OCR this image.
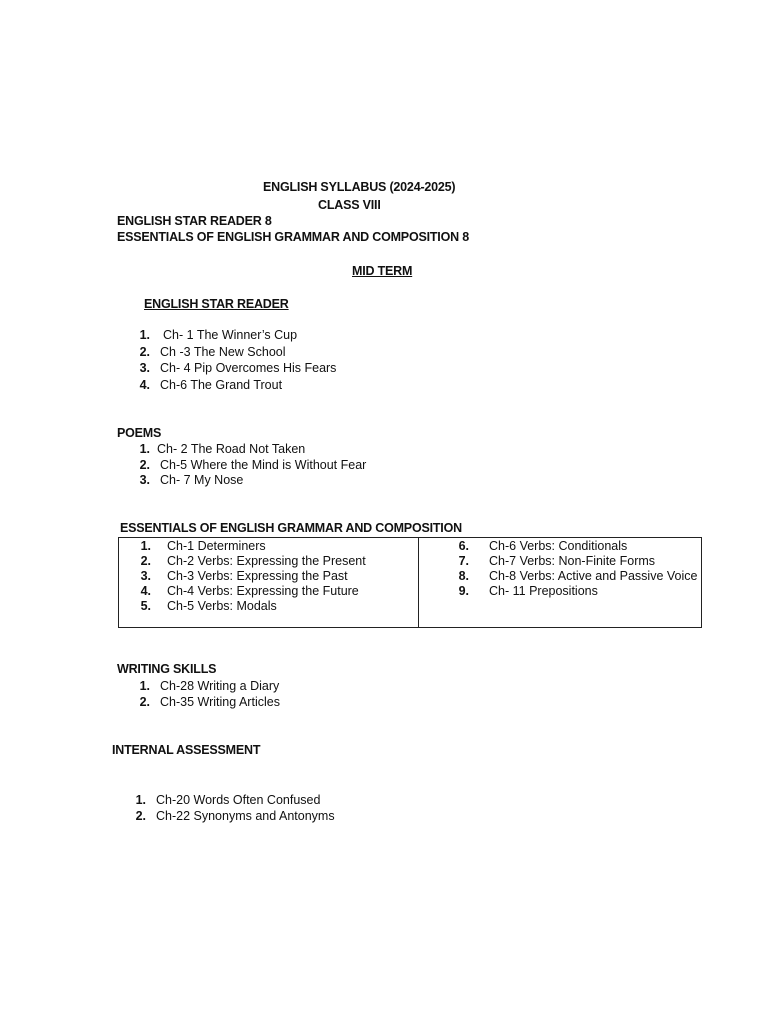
ENGLISH SYLLABUS (2024-2025)
CLASS VIII
ENGLISH STAR READER 8
ESSENTIALS OF ENGLISH GRAMMAR AND COMPOSITION 8
MID TERM
ENGLISH STAR READER
1. Ch- 1 The Winner’s Cup
2. Ch -3 The New School
3. Ch- 4 Pip Overcomes His Fears
4. Ch-6 The Grand Trout
POEMS
1. Ch- 2 The Road Not Taken
2. Ch-5 Where the Mind is Without Fear
3. Ch- 7 My Nose
ESSENTIALS OF ENGLISH GRAMMAR AND COMPOSITION
1. Ch-1 Determiners
2. Ch-2 Verbs: Expressing the Present
3. Ch-3 Verbs: Expressing the Past
4. Ch-4 Verbs: Expressing the Future
5. Ch-5 Verbs: Modals
6. Ch-6 Verbs: Conditionals
7. Ch-7 Verbs: Non-Finite Forms
8. Ch-8 Verbs: Active and Passive Voice
9. Ch- 11 Prepositions
WRITING SKILLS
1. Ch-28 Writing a Diary
2. Ch-35 Writing Articles
INTERNAL ASSESSMENT
1. Ch-20 Words Often Confused
2. Ch-22 Synonyms and Antonyms
